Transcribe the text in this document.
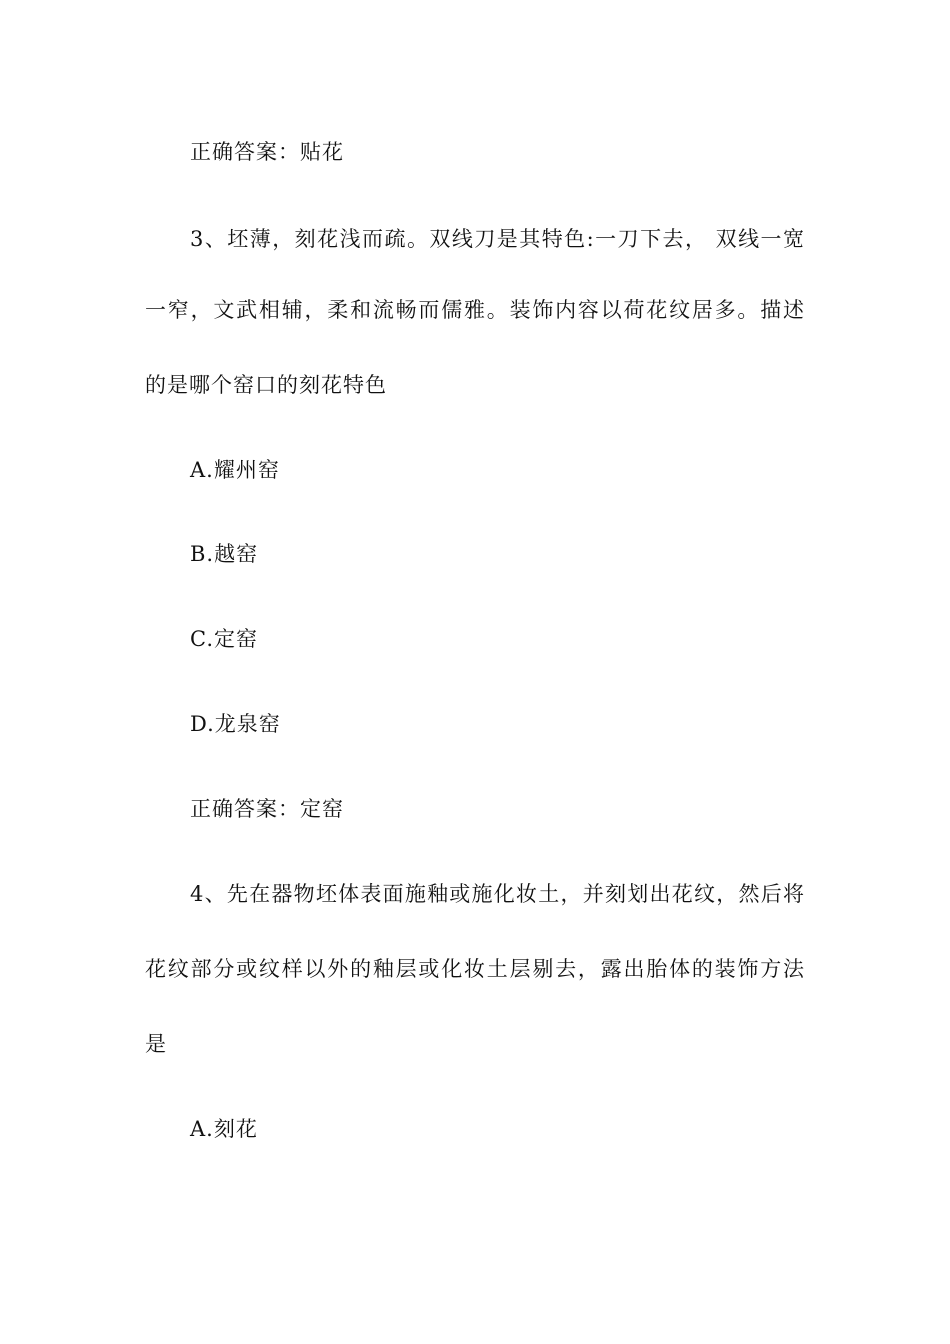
正确答案：贴花
3、坯薄，刻花浅而疏。双线刀是其特色:一刀下去， 双线一宽
一窄，文武相辅，柔和流畅而儒雅。装饰内容以荷花纹居多。描述
的是哪个窑口的刻花特色
A.耀州窑
B.越窑
C.定窑
D.龙泉窑
正确答案：定窑
4、先在器物坯体表面施釉或施化妆土，并刻划出花纹，然后将
花纹部分或纹样以外的釉层或化妆土层剔去，露出胎体的装饰方法
是
A.刻花
